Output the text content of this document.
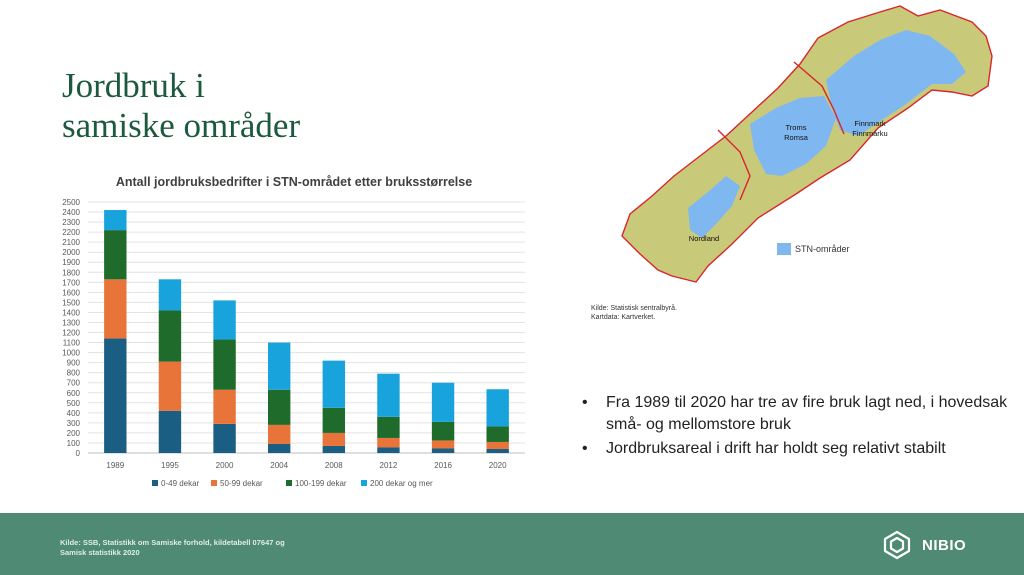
Jordbruk i
samiske områder
Antall jordbruksbedrifter i STN-området etter bruksstørrelse
0
100
200
300
400
500
600
700
800
900
1000
1100
1200
1300
1400
1500
1600
1700
1800
1900
2000
2100
2200
2300
2400
2500
1989	1995	2000	2004	2008	2012	2016	2020
0-49 dekar	50-99 dekar	100-199 dekar	200 dekar og mer
Troms Romsa
Finnmark Finnmárku
Nordland
STN-områder
Kilde: Statistisk sentralbyrå.
Kartdata: Kartverket.
• Fra 1989 til 2020 har tre av fire bruk lagt ned, i hovedsak små- og mellomstore bruk
• Jordbruksareal i drift har holdt seg relativt stabilt
Kilde: SSB, Statistikk om Samiske forhold, kildetabell 07647 og
Samisk statistikk 2020	NIBIO
